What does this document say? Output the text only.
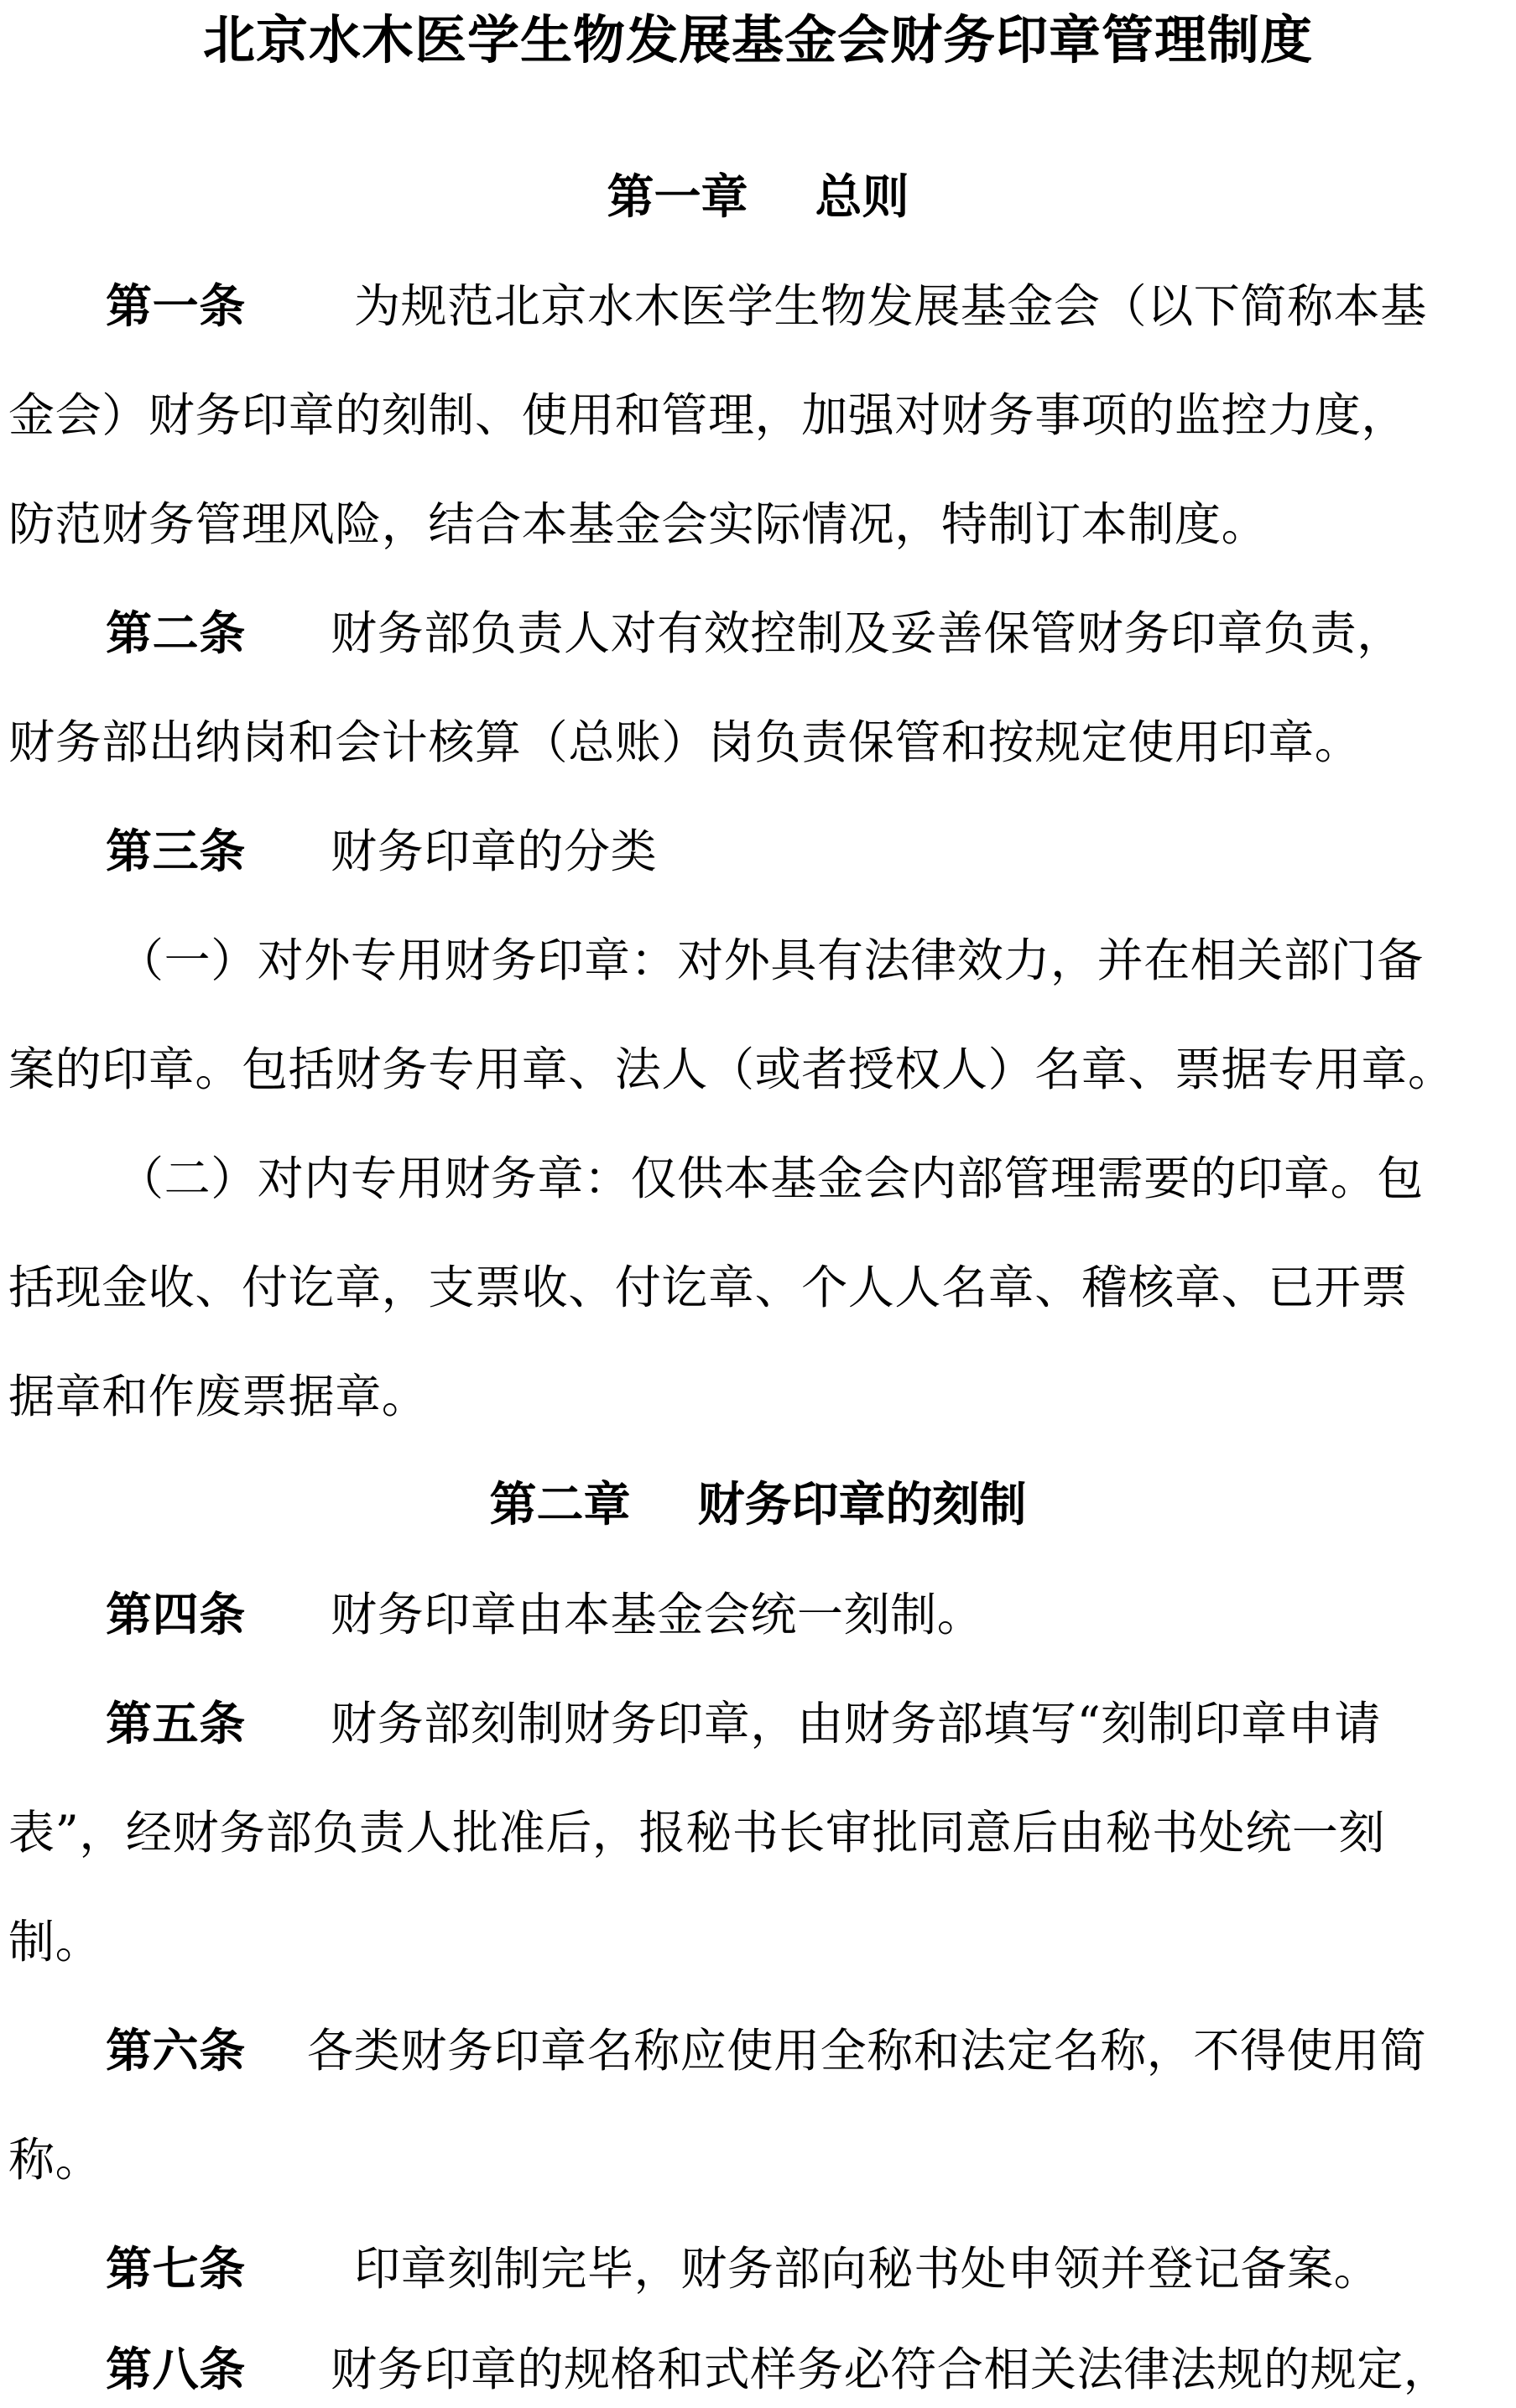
北京水木医学生物发展基金会财务印章管理制度
第一章 总则
第一条 为规范北京水木医学生物发展基金会（以下简称本基
金会）财务印章的刻制、使用和管理，加强对财务事项的监控力度，
防范财务管理风险，结合本基金会实际情况，特制订本制度。
第二条 财务部负责人对有效控制及妥善保管财务印章负责，
财务部出纳岗和会计核算（总账）岗负责保管和按规定使用印章。
第三条 财务印章的分类
（一）对外专用财务印章：对外具有法律效力，并在相关部门备
案的印章。包括财务专用章、法人（或者授权人）名章、票据专用章。
（二）对内专用财务章：仅供本基金会内部管理需要的印章。包
括现金收、付讫章，支票收、付讫章、个人人名章、稽核章、已开票
据章和作废票据章。
第二章 财务印章的刻制
第四条 财务印章由本基金会统一刻制。
第五条 财务部刻制财务印章，由财务部填写“刻制印章申请
表”，经财务部负责人批准后，报秘书长审批同意后由秘书处统一刻
制。
第六条 各类财务印章名称应使用全称和法定名称，不得使用简
称。
第七条 印章刻制完毕，财务部向秘书处申领并登记备案。
第八条 财务印章的规格和式样务必符合相关法律法规的规定，
